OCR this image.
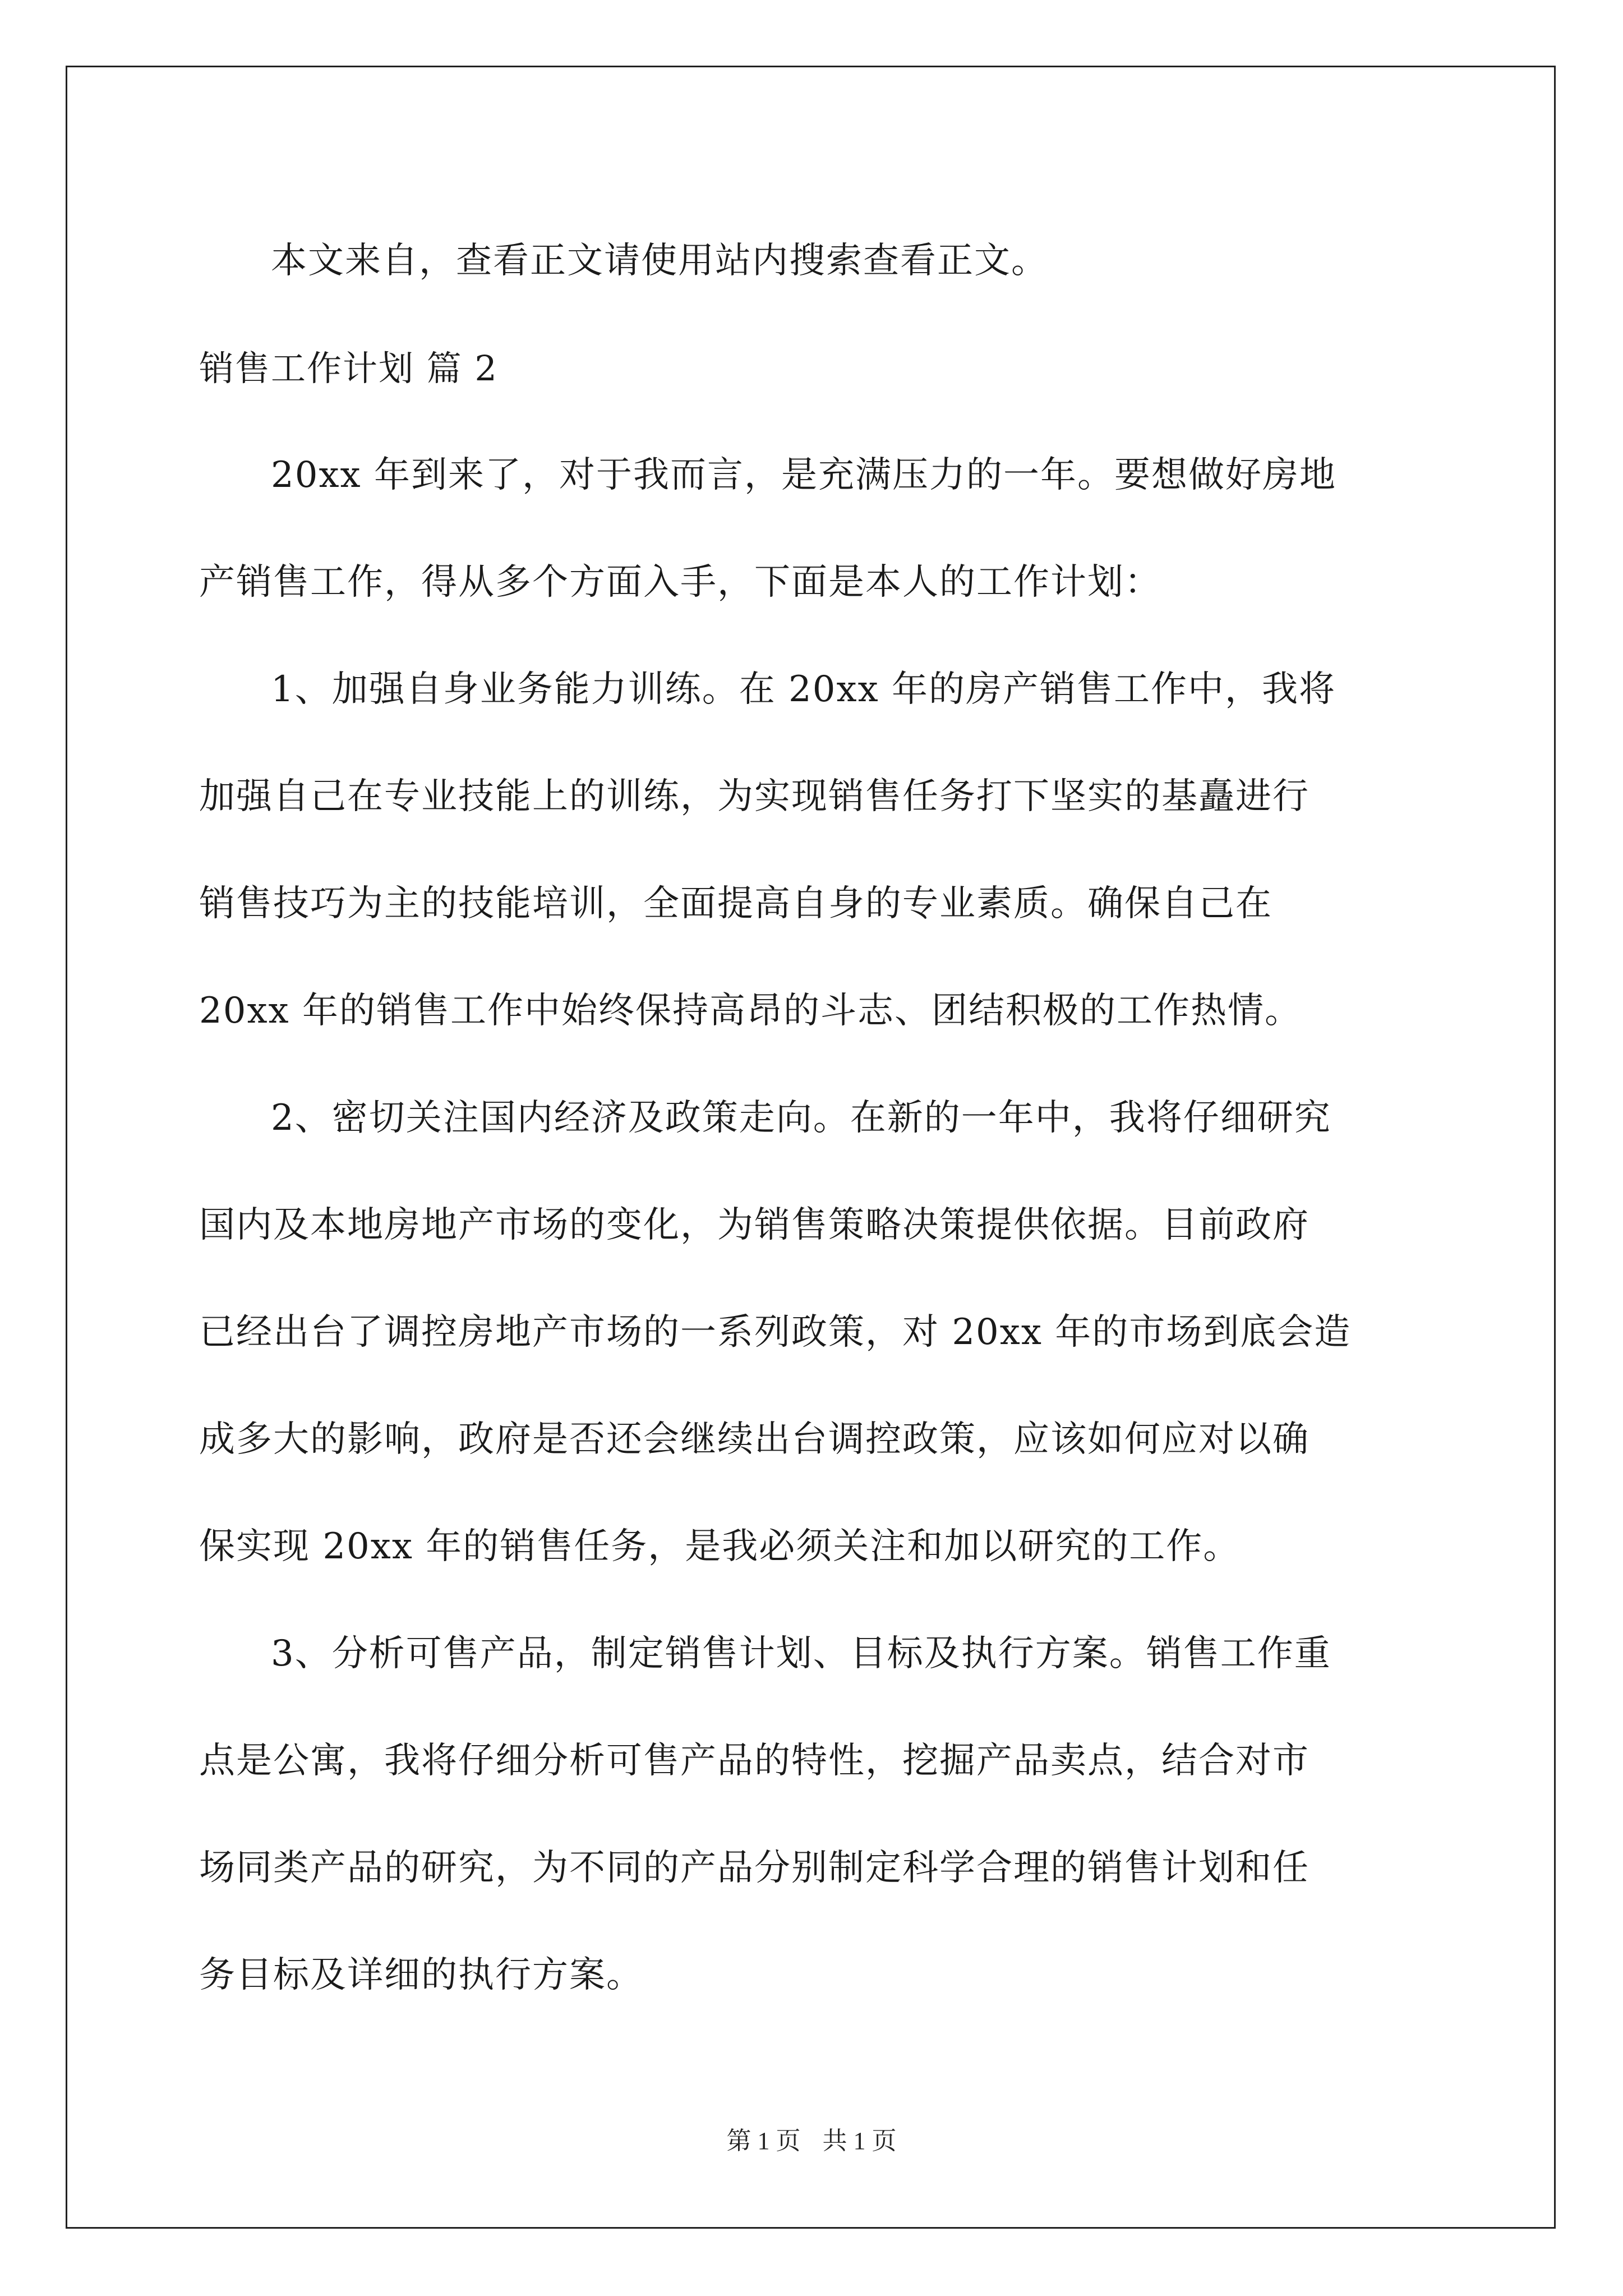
本文来自，查看正文请使用站内搜索查看正文。
销售工作计划 篇 2
20xx 年到来了，对于我而言，是充满压力的一年。要想做好房地
产销售工作，得从多个方面入手，下面是本人的工作计划：
1、加强自身业务能力训练。在 20xx 年的房产销售工作中，我将
加强自己在专业技能上的训练，为实现销售任务打下坚实的基矗进行
销售技巧为主的技能培训，全面提高自身的专业素质。确保自己在
20xx 年的销售工作中始终保持高昂的斗志、团结积极的工作热情。
2、密切关注国内经济及政策走向。在新的一年中，我将仔细研究
国内及本地房地产市场的变化，为销售策略决策提供依据。目前政府
已经出台了调控房地产市场的一系列政策，对 20xx 年的市场到底会造
成多大的影响，政府是否还会继续出台调控政策，应该如何应对以确
保实现 20xx 年的销售任务，是我必须关注和加以研究的工作。
3、分析可售产品，制定销售计划、目标及执行方案。销售工作重
点是公寓，我将仔细分析可售产品的特性，挖掘产品卖点，结合对市
场同类产品的研究，为不同的产品分别制定科学合理的销售计划和任
务目标及详细的执行方案。
第 1 页 共 1 页
